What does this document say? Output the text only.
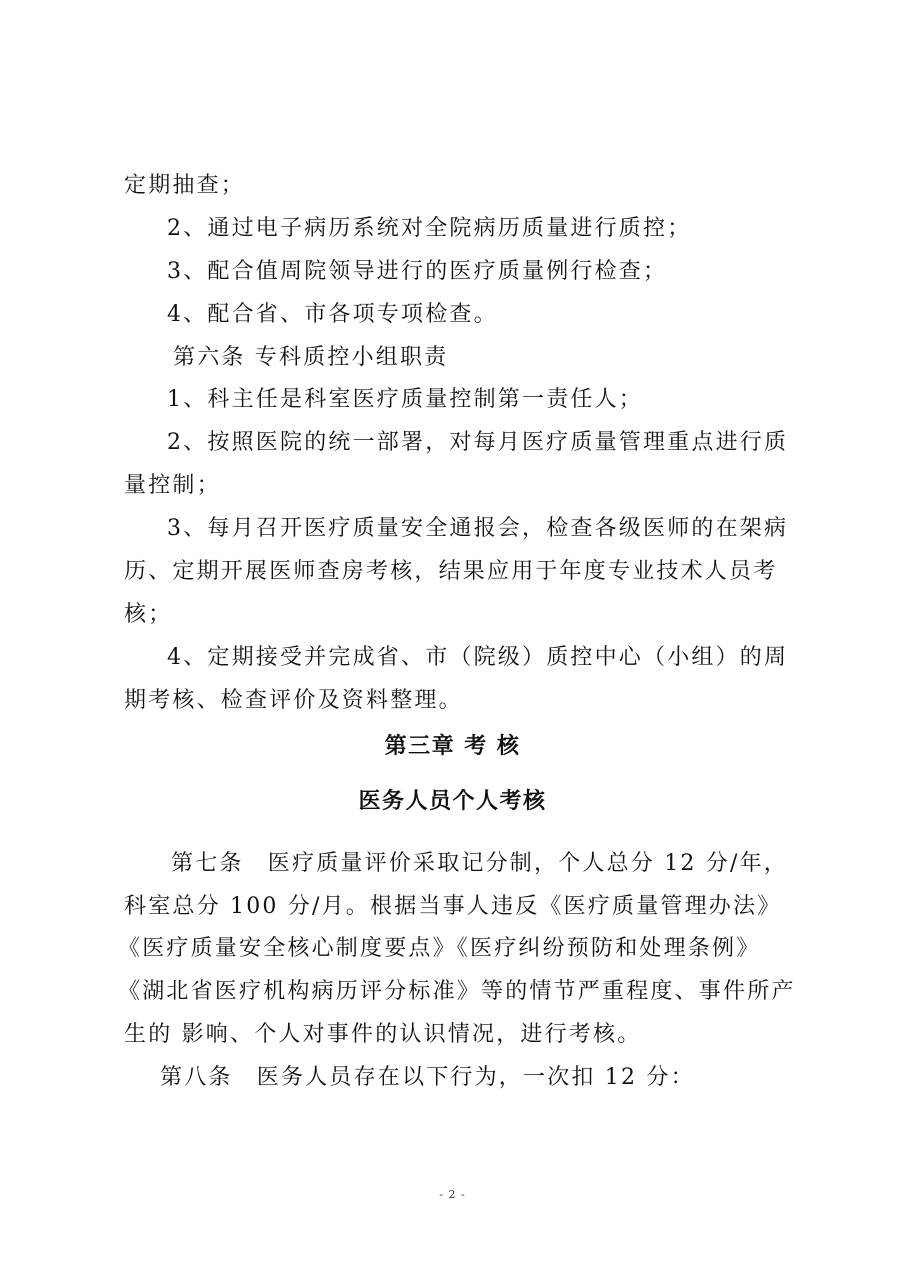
定期抽查；
2、通过电子病历系统对全院病历质量进行质控；
3、配合值周院领导进行的医疗质量例行检查；
4、配合省、市各项专项检查。
第六条 专科质控小组职责
1、科主任是科室医疗质量控制第一责任人；
2、按照医院的统一部署，对每月医疗质量管理重点进行质
量控制；
3、每月召开医疗质量安全通报会，检查各级医师的在架病
历、定期开展医师查房考核，结果应用于年度专业技术人员考
核；
4、定期接受并完成省、市（院级）质控中心（小组）的周
期考核、检查评价及资料整理。
第三章 考 核
医务人员个人考核
第七条　医疗质量评价采取记分制，个人总分 12 分/年，
科室总分 100 分/月。根据当事人违反《医疗质量管理办法》
《医疗质量安全核心制度要点》《医疗纠纷预防和处理条例》
《湖北省医疗机构病历评分标准》等的情节严重程度、事件所产
生的 影响、个人对事件的认识情况，进行考核。
第八条　医务人员存在以下行为，一次扣 12 分：
- 2 -
